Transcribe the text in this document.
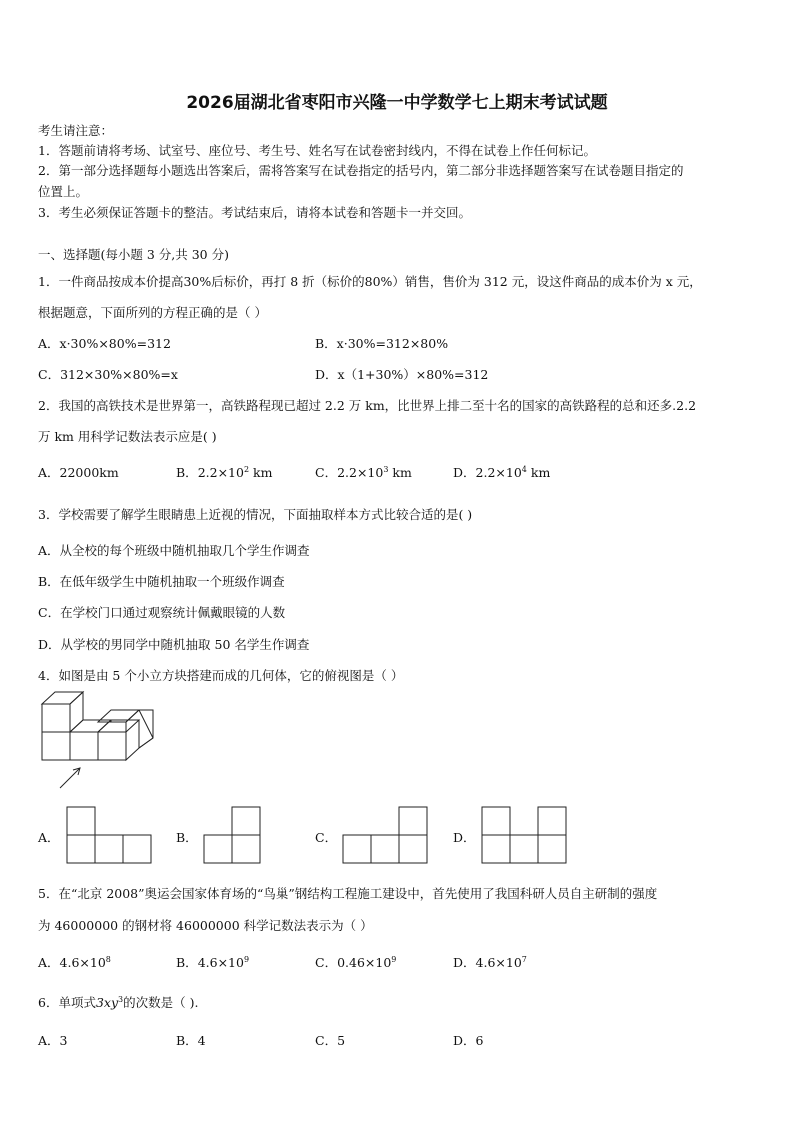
2026届湖北省枣阳市兴隆一中学数学七上期末考试试题
考生请注意：
1．答题前请将考场、试室号、座位号、考生号、姓名写在试卷密封线内，不得在试卷上作任何标记。
2．第一部分选择题每小题选出答案后，需将答案写在试卷指定的括号内，第二部分非选择题答案写在试卷题目指定的
位置上。
3．考生必须保证答题卡的整洁。考试结束后，请将本试卷和答题卡一并交回。
一、选择题(每小题 3 分,共 30 分)
1．一件商品按成本价提高30%后标价，再打 8 折（标价的80%）销售，售价为 312 元，设这件商品的成本价为 x 元，
根据题意，下面所列的方程正确的是（ ）
A．x·30%×80%=312	B．x·30%=312×80%
C．312×30%×80%=x	D．x（1+30%）×80%=312
2．我国的高铁技术是世界第一，高铁路程现已超过 2.2 万 km，比世界上排二至十名的国家的高铁路程的总和还多.2.2
万 km 用科学记数法表示应是( )
A．22000km	B．$2.2\times 10^2$ km	C．$2.2\times 10^3$ km	D．$2.2\times 10^4$ km
3．学校需要了解学生眼睛患上近视的情况，下面抽取样本方式比较合适的是( )
A．从全校的每个班级中随机抽取几个学生作调查
B．在低年级学生中随机抽取一个班级作调查
C．在学校门口通过观察统计佩戴眼镜的人数
D．从学校的男同学中随机抽取 50 名学生作调查
4．如图是由 5 个小立方块搭建而成的几何体，它的俯视图是（ ）
A．	B．	C．	D．
5．在“北京 2008”奥运会国家体育场的“鸟巢”钢结构工程施工建设中，首先使用了我国科研人员自主研制的强度
为 46000000 的钢材将 46000000 科学记数法表示为（ ）
A．$4.6\times 10^8$	B．$4.6\times 10^9$	C．$0.46\times 10^9$	D．$4.6\times 10^7$
6．单项式$3xy^3$的次数是（ ).
A．3	B．4	C．5	D．6
